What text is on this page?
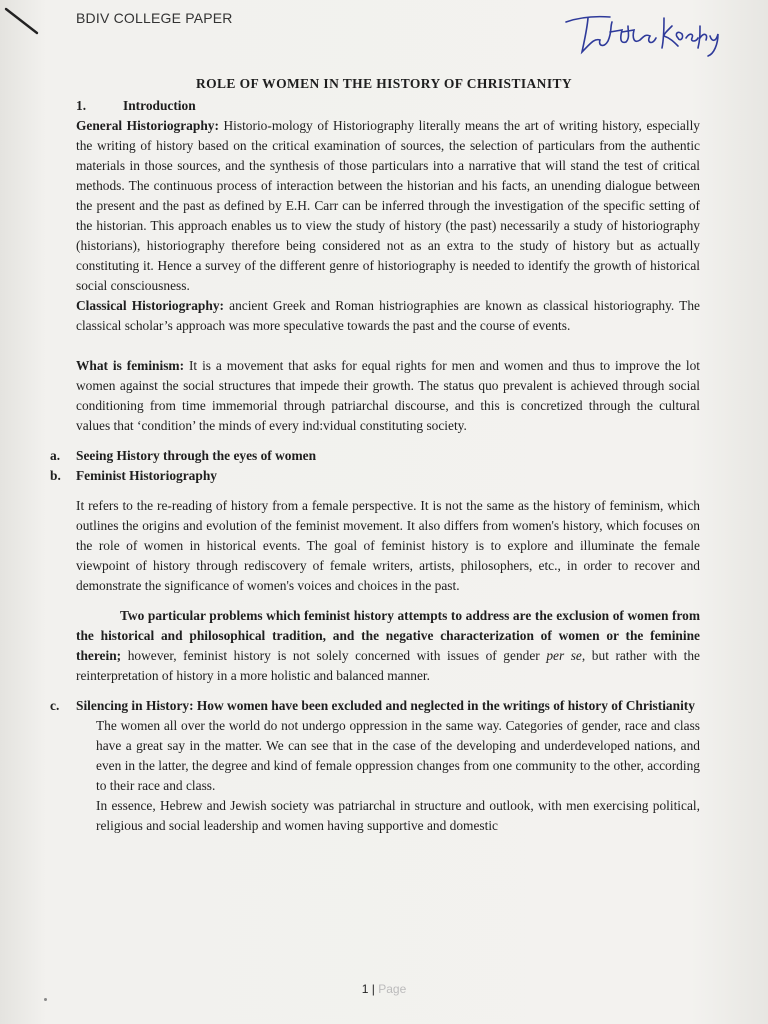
BDIV COLLEGE PAPER
ROLE OF WOMEN IN THE HISTORY OF CHRISTIANITY
1.	Introduction

General Historiography: Historio-mology of Historiography literally means the art of writing history, especially the writing of history based on the critical examination of sources, the selection of particulars from the authentic materials in those sources, and the synthesis of those particulars into a narrative that will stand the test of critical methods. The continuous process of interaction between the historian and his facts, an unending dialogue between the present and the past as defined by E.H. Carr can be inferred through the investigation of the specific setting of the historian. This approach enables us to view the study of history (the past) necessarily a study of historiography (historians), historiography therefore being considered not as an extra to the study of history but as actually constituting it. Hence a survey of the different genre of historiography is needed to identify the growth of historical social consciousness.

Classical Historiography: ancient Greek and Roman histriographies are known as classical historiography. The classical scholar’s approach was more speculative towards the past and the course of events.

What is feminism: It is a movement that asks for equal rights for men and women and thus to improve the lot women against the social structures that impede their growth. The status quo prevalent is achieved through social conditioning from time immemorial through patriarchal discourse, and this is concretized through the cultural values that ‘condition’ the minds of every ind:vidual constituting society.

a. Seeing History through the eyes of women
b. Feminist Historiography

It refers to the re-reading of history from a female perspective. It is not the same as the history of feminism, which outlines the origins and evolution of the feminist movement. It also differs from women's history, which focuses on the role of women in historical events. The goal of feminist history is to explore and illuminate the female viewpoint of history through rediscovery of female writers, artists, philosophers, etc., in order to recover and demonstrate the significance of women's voices and choices in the past.

Two particular problems which feminist history attempts to address are the exclusion of women from the historical and philosophical tradition, and the negative characterization of women or the feminine therein; however, feminist history is not solely concerned with issues of gender per se, but rather with the reinterpretation of history in a more holistic and balanced manner.

c. Silencing in History: How women have been excluded and neglected in the writings of history of Christianity

The women all over the world do not undergo oppression in the same way. Categories of gender, race and class have a great say in the matter. We can see that in the case of the developing and underdeveloped nations, and even in the latter, the degree and kind of female oppression changes from one community to the other, according to their race and class.

In essence, Hebrew and Jewish society was patriarchal in structure and outlook, with men exercising political, religious and social leadership and women having supportive and domestic

1 | Page
